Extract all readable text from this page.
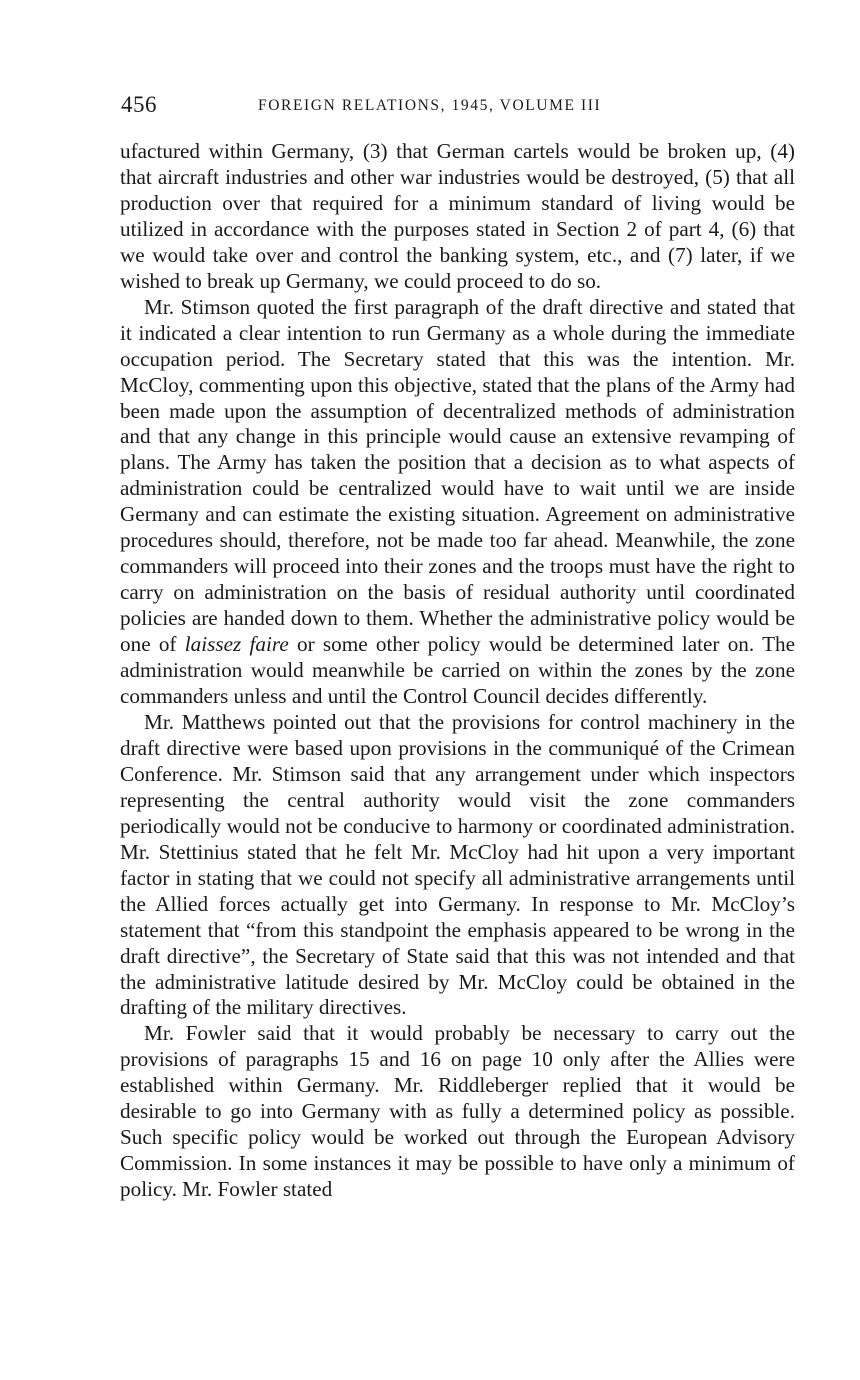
456	FOREIGN RELATIONS, 1945, VOLUME III

ufactured within Germany, (3) that German cartels would be broken up, (4) that aircraft industries and other war industries would be destroyed, (5) that all production over that required for a minimum standard of living would be utilized in accordance with the purposes stated in Section 2 of part 4, (6) that we would take over and control the banking system, etc., and (7) later, if we wished to break up Germany, we could proceed to do so.

Mr. Stimson quoted the first paragraph of the draft directive and stated that it indicated a clear intention to run Germany as a whole during the immediate occupation period. The Secretary stated that this was the intention. Mr. McCloy, commenting upon this objective, stated that the plans of the Army had been made upon the assumption of decentralized methods of administration and that any change in this principle would cause an extensive revamping of plans. The Army has taken the position that a decision as to what aspects of administration could be centralized would have to wait until we are inside Germany and can estimate the existing situation. Agreement on administrative procedures should, therefore, not be made too far ahead. Meanwhile, the zone commanders will proceed into their zones and the troops must have the right to carry on administration on the basis of residual authority until coordinated policies are handed down to them. Whether the administrative policy would be one of laissez faire or some other policy would be determined later on. The administration would meanwhile be carried on within the zones by the zone commanders unless and until the Control Council decides differently.

Mr. Matthews pointed out that the provisions for control machinery in the draft directive were based upon provisions in the communiqué of the Crimean Conference. Mr. Stimson said that any arrangement under which inspectors representing the central authority would visit the zone commanders periodically would not be conducive to harmony or coordinated administration. Mr. Stettinius stated that he felt Mr. McCloy had hit upon a very important factor in stating that we could not specify all administrative arrangements until the Allied forces actually get into Germany. In response to Mr. McCloy’s statement that “from this standpoint the emphasis appeared to be wrong in the draft directive”, the Secretary of State said that this was not intended and that the administrative latitude desired by Mr. McCloy could be obtained in the drafting of the military directives.

Mr. Fowler said that it would probably be necessary to carry out the provisions of paragraphs 15 and 16 on page 10 only after the Allies were established within Germany. Mr. Riddleberger replied that it would be desirable to go into Germany with as fully a determined policy as possible. Such specific policy would be worked out through the European Advisory Commission. In some instances it may be possible to have only a minimum of policy. Mr. Fowler stated
